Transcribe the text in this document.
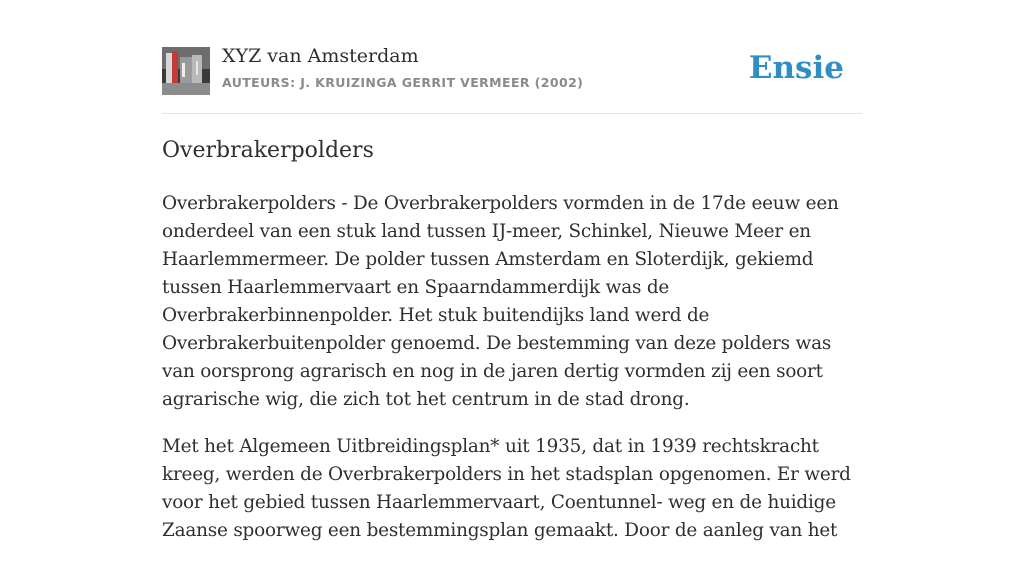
XYZ van Amsterdam
AUTEURS: J. KRUIZINGA GERRIT VERMEER (2002)	Ensie
Overbrakerpolders

Overbrakerpolders - De Overbrakerpolders vormden in de 17de eeuw een onderdeel van een stuk land tussen IJ-meer, Schinkel, Nieuwe Meer en Haarlemmermeer. De polder tussen Amsterdam en Sloterdijk, gekiemd tussen Haarlemmervaart en Spaarndammerdijk was de Overbrakerbinnenpolder. Het stuk buitendijks land werd de Overbrakerbuitenpolder genoemd. De bestemming van deze polders was van oorsprong agrarisch en nog in de jaren dertig vormden zij een soort agrarische wig, die zich tot het centrum in de stad drong.

Met het Algemeen Uitbreidingsplan* uit 1935, dat in 1939 rechtskracht kreeg, werden de Overbrakerpolders in het stadsplan opgenomen. Er werd voor het gebied tussen Haarlemmervaart, Coentunnel- weg en de huidige Zaanse spoorweg een bestemmingsplan gemaakt. Door de aanleg van het
